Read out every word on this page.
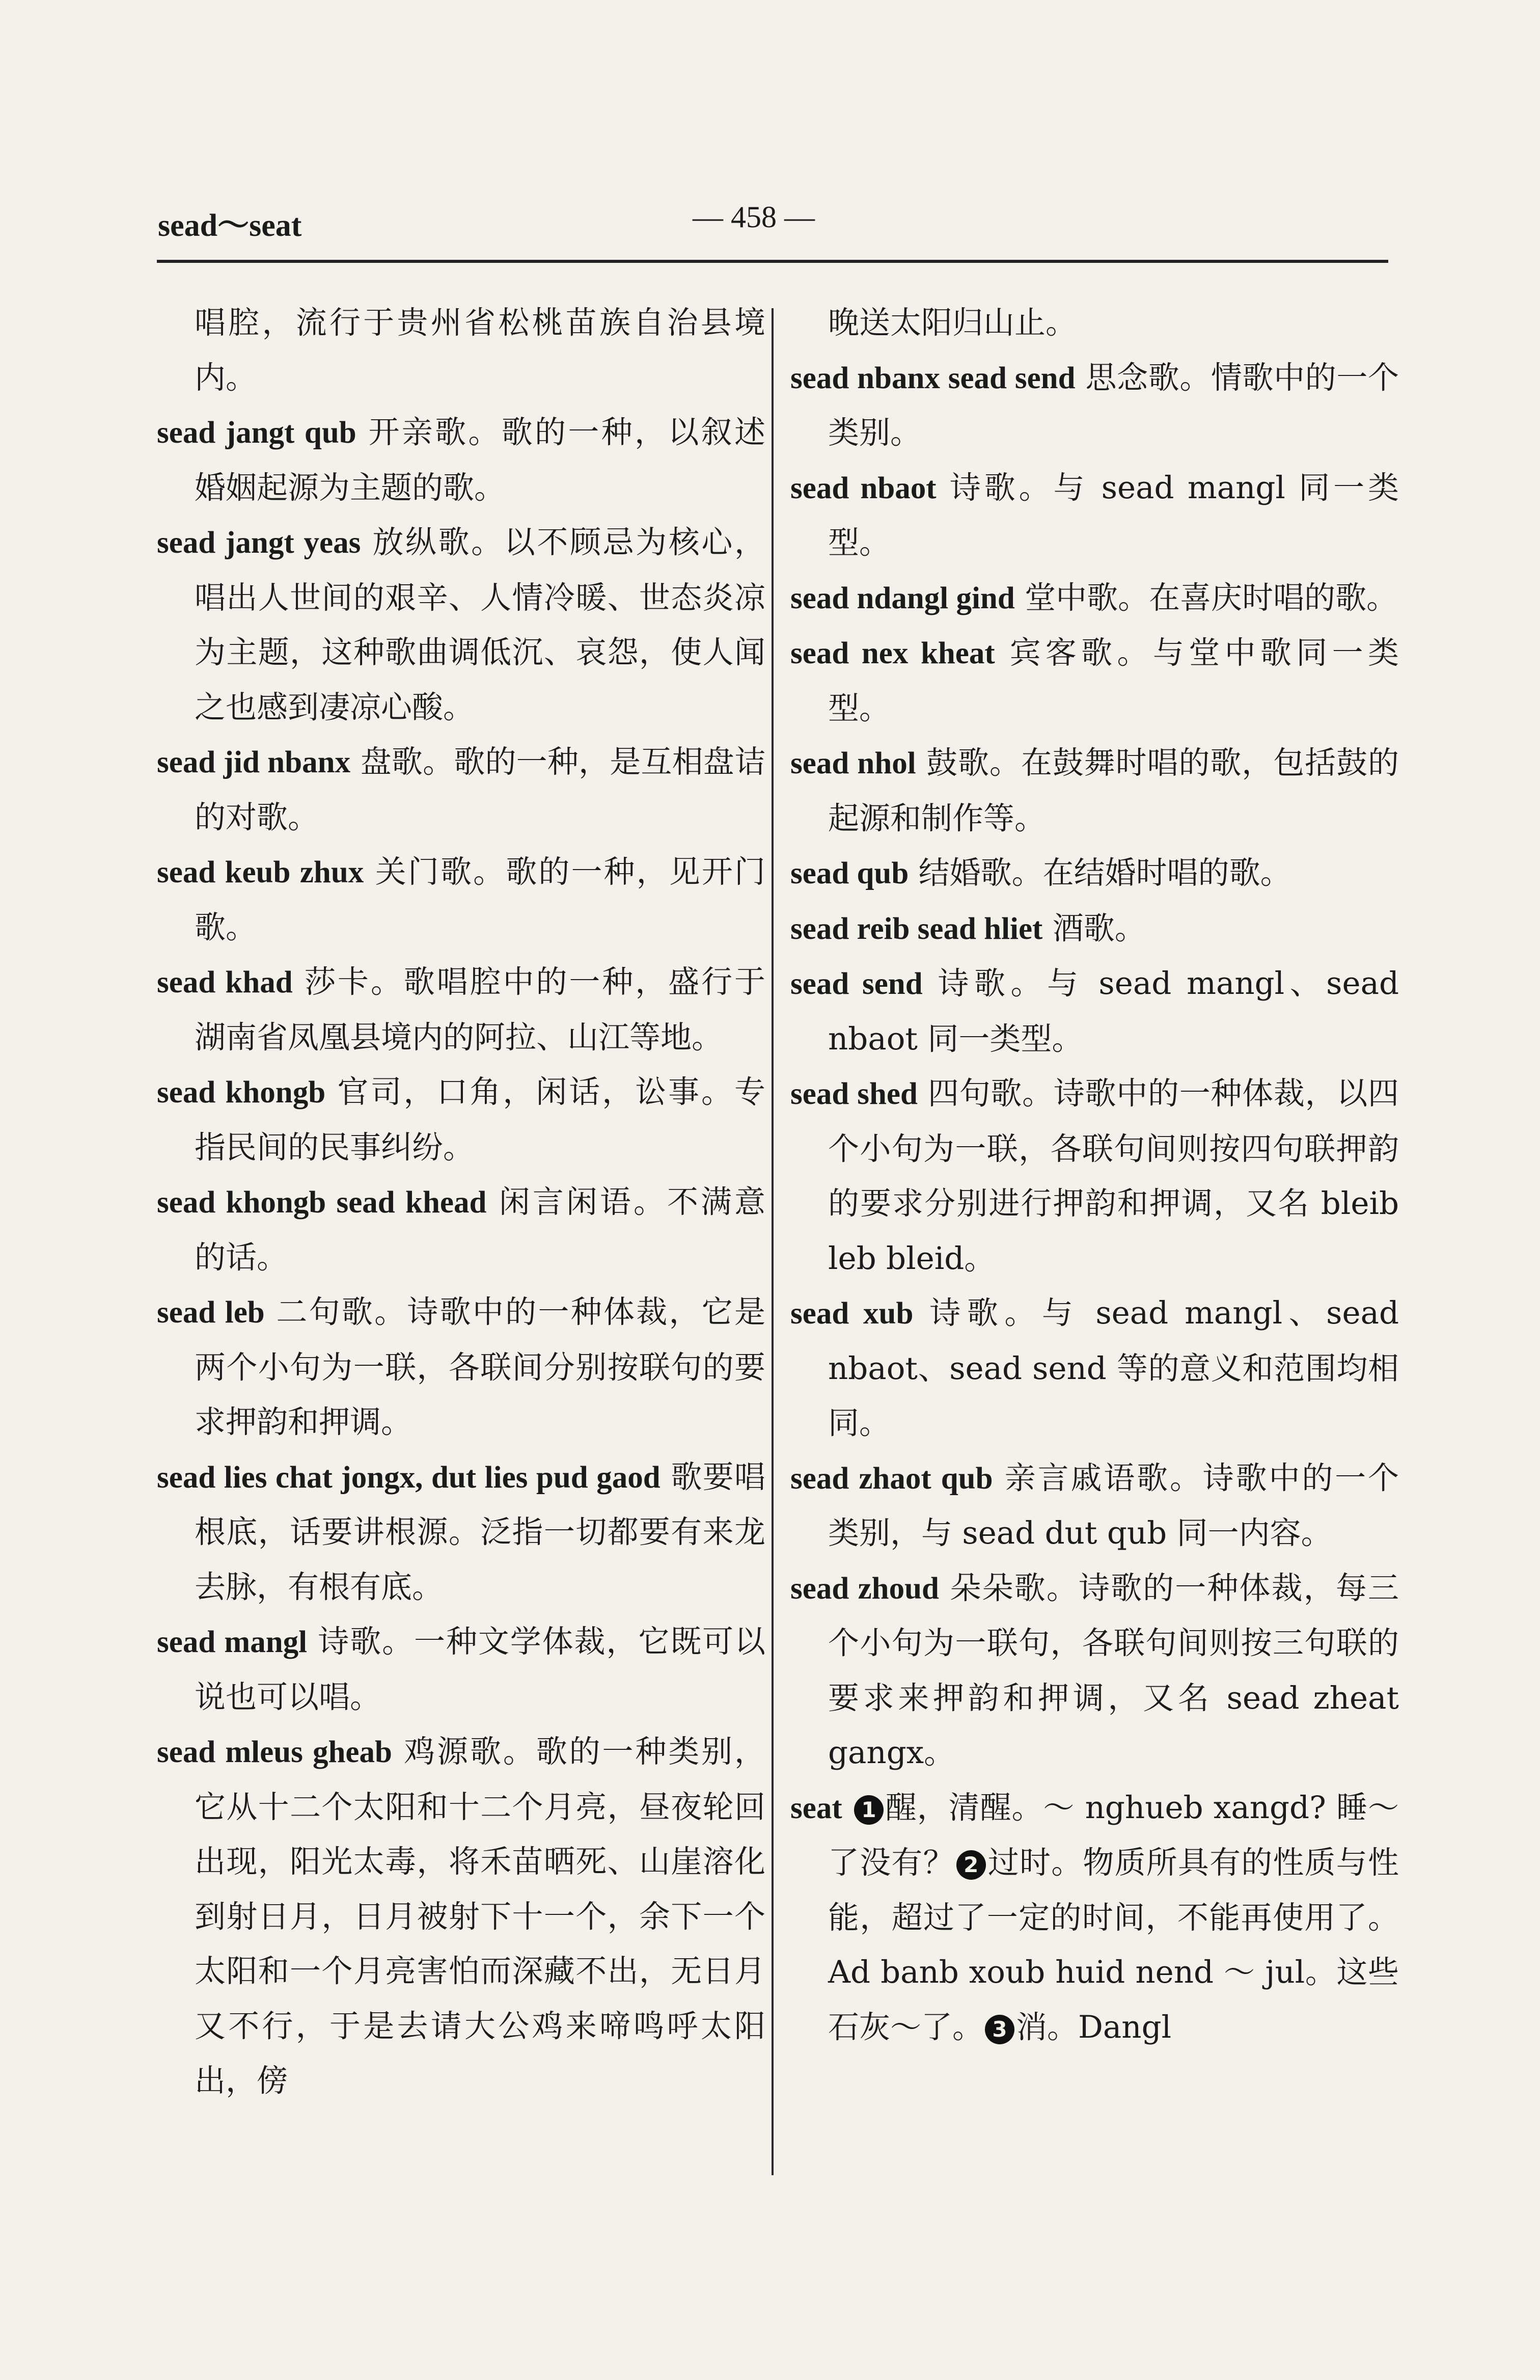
sead～seat	— 458 —
唱腔，流行于贵州省松桃苗族自治县境内。
sead jangt qub 开亲歌。歌的一种，以叙述婚姻起源为主题的歌。
sead jangt yeas 放纵歌。以不顾忌为核心，唱出人世间的艰辛、人情冷暖、世态炎凉为主题，这种歌曲调低沉、哀怨，使人闻之也感到凄凉心酸。
sead jid nbanx 盘歌。歌的一种，是互相盘诘的对歌。
sead keub zhux 关门歌。歌的一种，见开门歌。
sead khad 莎卡。歌唱腔中的一种，盛行于湖南省凤凰县境内的阿拉、山江等地。
sead khongb 官司，口角，闲话，讼事。专指民间的民事纠纷。
sead khongb sead khead 闲言闲语。不满意的话。
sead leb 二句歌。诗歌中的一种体裁，它是两个小句为一联，各联间分别按联句的要求押韵和押调。
sead lies chat jongx, dut lies pud gaod 歌要唱根底，话要讲根源。泛指一切都要有来龙去脉，有根有底。
sead mangl 诗歌。一种文学体裁，它既可以说也可以唱。
sead mleus gheab 鸡源歌。歌的一种类别，它从十二个太阳和十二个月亮，昼夜轮回出现，阳光太毒，将禾苗晒死、山崖溶化到射日月，日月被射下十一个，余下一个太阳和一个月亮害怕而深藏不出，无日月又不行，于是去请大公鸡来啼鸣呼太阳出，傍
晚送太阳归山止。
sead nbanx sead send 思念歌。情歌中的一个类别。
sead nbaot 诗歌。与 sead mangl 同一类型。
sead ndangl gind 堂中歌。在喜庆时唱的歌。
sead nex kheat 宾客歌。与堂中歌同一类型。
sead nhol 鼓歌。在鼓舞时唱的歌，包括鼓的起源和制作等。
sead qub 结婚歌。在结婚时唱的歌。
sead reib sead hliet 酒歌。
sead send 诗歌。与 sead mangl、sead nbaot 同一类型。
sead shed 四句歌。诗歌中的一种体裁，以四个小句为一联，各联句间则按四句联押韵的要求分别进行押韵和押调，又名 bleib leb bleid。
sead xub 诗歌。与 sead mangl、sead nbaot、sead send 等的意义和范围均相同。
sead zhaot qub 亲言戚语歌。诗歌中的一个类别，与 sead dut qub 同一内容。
sead zhoud 朵朵歌。诗歌的一种体裁，每三个小句为一联句，各联句间则按三句联的要求来押韵和押调，又名 sead zheat gangx。
seat 1 醒，清醒。～ nghueb xangd? 睡～了没有？ 2 过时。物质所具有的性质与性能，超过了一定的时间，不能再使用了。Ad banb xoub huid nend ～ jul。这些石灰～了。 3 消。Dangl
